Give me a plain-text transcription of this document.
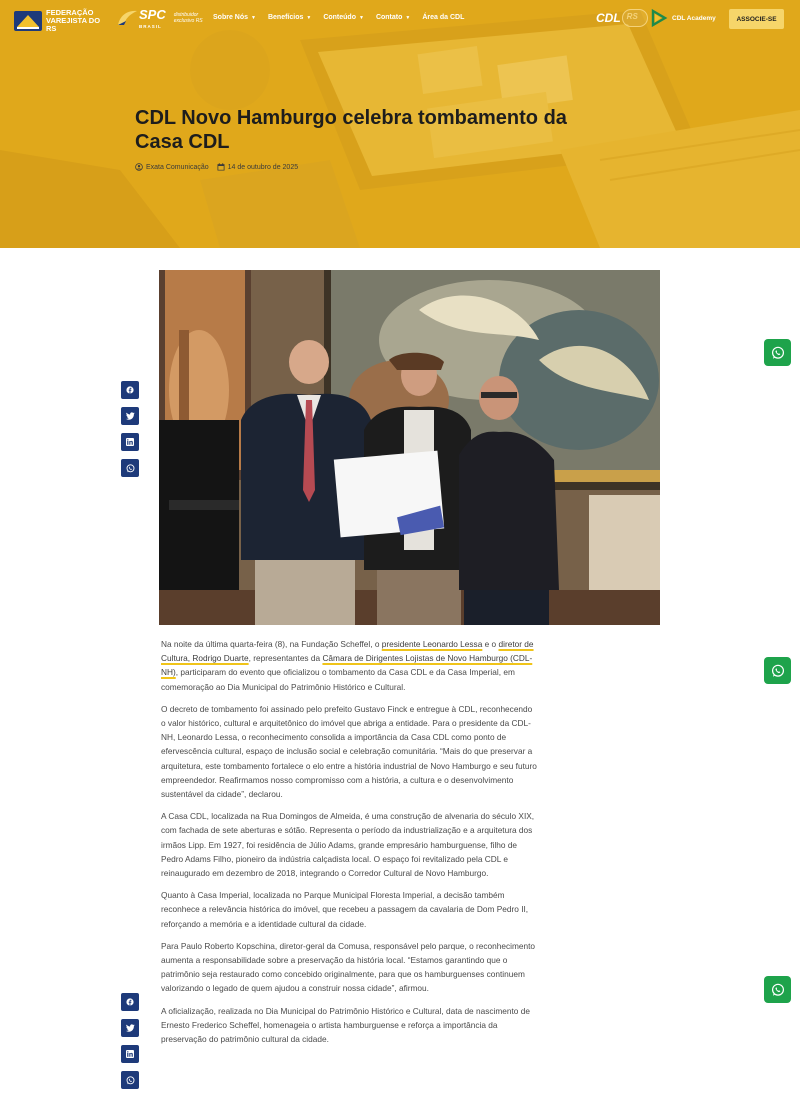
FEDERAÇÃO VAREJISTA DO RS
SPC
BRASIL
distribuidor exclusivo RS	Sobre Nós ▼ Benefícios ▼ Conteúdo ▼ Contato ▼ Área da CDL	CDL RS	CDL Academy	ASSOCIE-SE
CDL Novo Hamburgo celebra tombamento da Casa CDL
Exata Comunicação	14 de outubro de 2025

Na noite da última quarta-feira (8), na Fundação Scheffel, o presidente Leonardo Lessa e o diretor de Cultura, Rodrigo Duarte, representantes da Câmara de Dirigentes Lojistas de Novo Hamburgo (CDL-NH), participaram do evento que oficializou o tombamento da Casa CDL e da Casa Imperial, em comemoração ao Dia Municipal do Patrimônio Histórico e Cultural.

O decreto de tombamento foi assinado pelo prefeito Gustavo Finck e entregue à CDL, reconhecendo o valor histórico, cultural e arquitetônico do imóvel que abriga a entidade. Para o presidente da CDL-NH, Leonardo Lessa, o reconhecimento consolida a importância da Casa CDL como ponto de efervescência cultural, espaço de inclusão social e celebração comunitária. “Mais do que preservar a arquitetura, este tombamento fortalece o elo entre a história industrial de Novo Hamburgo e seu futuro empreendedor. Reafirmamos nosso compromisso com a história, a cultura e o desenvolvimento sustentável da cidade”, declarou.

A Casa CDL, localizada na Rua Domingos de Almeida, é uma construção de alvenaria do século XIX, com fachada de sete aberturas e sótão. Representa o período da industrialização e a arquitetura dos irmãos Lipp. Em 1927, foi residência de Júlio Adams, grande empresário hamburguense, filho de Pedro Adams Filho, pioneiro da indústria calçadista local. O espaço foi revitalizado pela CDL e reinaugurado em dezembro de 2018, integrando o Corredor Cultural de Novo Hamburgo.

Quanto à Casa Imperial, localizada no Parque Municipal Floresta Imperial, a decisão também reconhece a relevância histórica do imóvel, que recebeu a passagem da cavalaria de Dom Pedro II, reforçando a memória e a identidade cultural da cidade.

Para Paulo Roberto Kopschina, diretor-geral da Comusa, responsável pelo parque, o reconhecimento aumenta a responsabilidade sobre a preservação da história local. “Estamos garantindo que o patrimônio seja restaurado como concebido originalmente, para que os hamburguenses continuem valorizando o legado de quem ajudou a construir nossa cidade”, afirmou.

A oficialização, realizada no Dia Municipal do Patrimônio Histórico e Cultural, data de nascimento de Ernesto Frederico Scheffel, homenageia o artista hamburguense e reforça a importância da preservação do patrimônio cultural da cidade.
